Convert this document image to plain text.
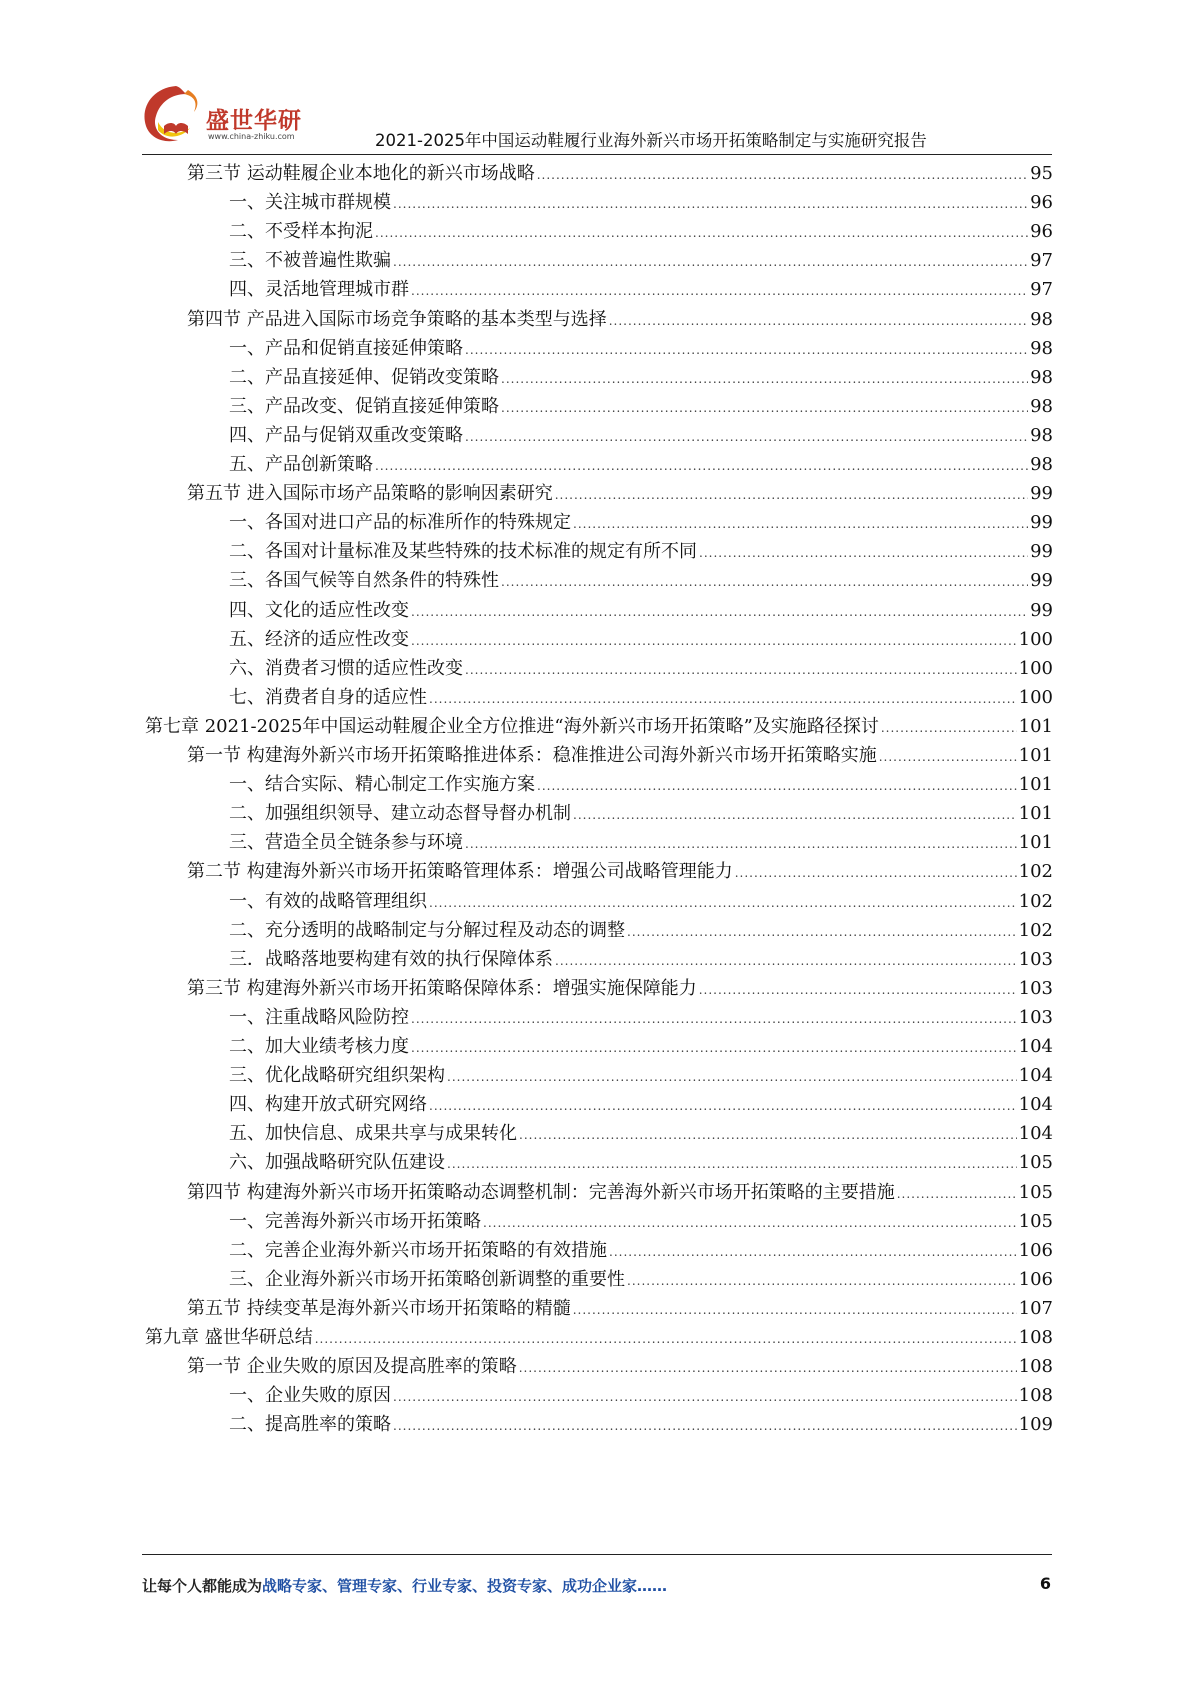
盛世华研
www.china-zhiku.com	2021-2025年中国运动鞋履行业海外新兴市场开拓策略制定与实施研究报告
第三节 运动鞋履企业本地化的新兴市场战略 .....	95
一、关注城市群规模 .....	96
二、不受样本拘泥 .....	96
三、不被普遍性欺骗 .....	97
四、灵活地管理城市群 .....	97
第四节 产品进入国际市场竞争策略的基本类型与选择 .....	98
一、产品和促销直接延伸策略 .....	98
二、产品直接延伸、促销改变策略 .....	98
三、产品改变、促销直接延伸策略 .....	98
四、产品与促销双重改变策略 .....	98
五、产品创新策略 .....	98
第五节 进入国际市场产品策略的影响因素研究 .....	99
一、各国对进口产品的标准所作的特殊规定 .....	99
二、各国对计量标准及某些特殊的技术标准的规定有所不同 .....	99
三、各国气候等自然条件的特殊性 .....	99
四、文化的适应性改变 .....	99
五、经济的适应性改变 .....	100
六、消费者习惯的适应性改变 .....	100
七、消费者自身的适应性 .....	100
第七章 2021-2025年中国运动鞋履企业全方位推进“海外新兴市场开拓策略”及实施路径探讨 .....	101
第一节 构建海外新兴市场开拓策略推进体系：稳准推进公司海外新兴市场开拓策略实施 .....	101
一、结合实际、精心制定工作实施方案 .....	101
二、加强组织领导、建立动态督导督办机制 .....	101
三、营造全员全链条参与环境 .....	101
第二节 构建海外新兴市场开拓策略管理体系：增强公司战略管理能力 .....	102
一、有效的战略管理组织 .....	102
二、充分透明的战略制定与分解过程及动态的调整 .....	102
三．战略落地要构建有效的执行保障体系 .....	103
第三节 构建海外新兴市场开拓策略保障体系：增强实施保障能力 .....	103
一、注重战略风险防控 .....	103
二、加大业绩考核力度 .....	104
三、优化战略研究组织架构 .....	104
四、构建开放式研究网络 .....	104
五、加快信息、成果共享与成果转化 .....	104
六、加强战略研究队伍建设 .....	105
第四节 构建海外新兴市场开拓策略动态调整机制：完善海外新兴市场开拓策略的主要措施 .....	105
一、完善海外新兴市场开拓策略 .....	105
二、完善企业海外新兴市场开拓策略的有效措施 .....	106
三、企业海外新兴市场开拓策略创新调整的重要性 .....	106
第五节 持续变革是海外新兴市场开拓策略的精髓 .....	107
第九章 盛世华研总结 .....	108
第一节 企业失败的原因及提高胜率的策略 .....	108
一、企业失败的原因 .....	108
二、提高胜率的策略 .....	109
让每个人都能成为战略专家、管理专家、行业专家、投资专家、成功企业家……	6
